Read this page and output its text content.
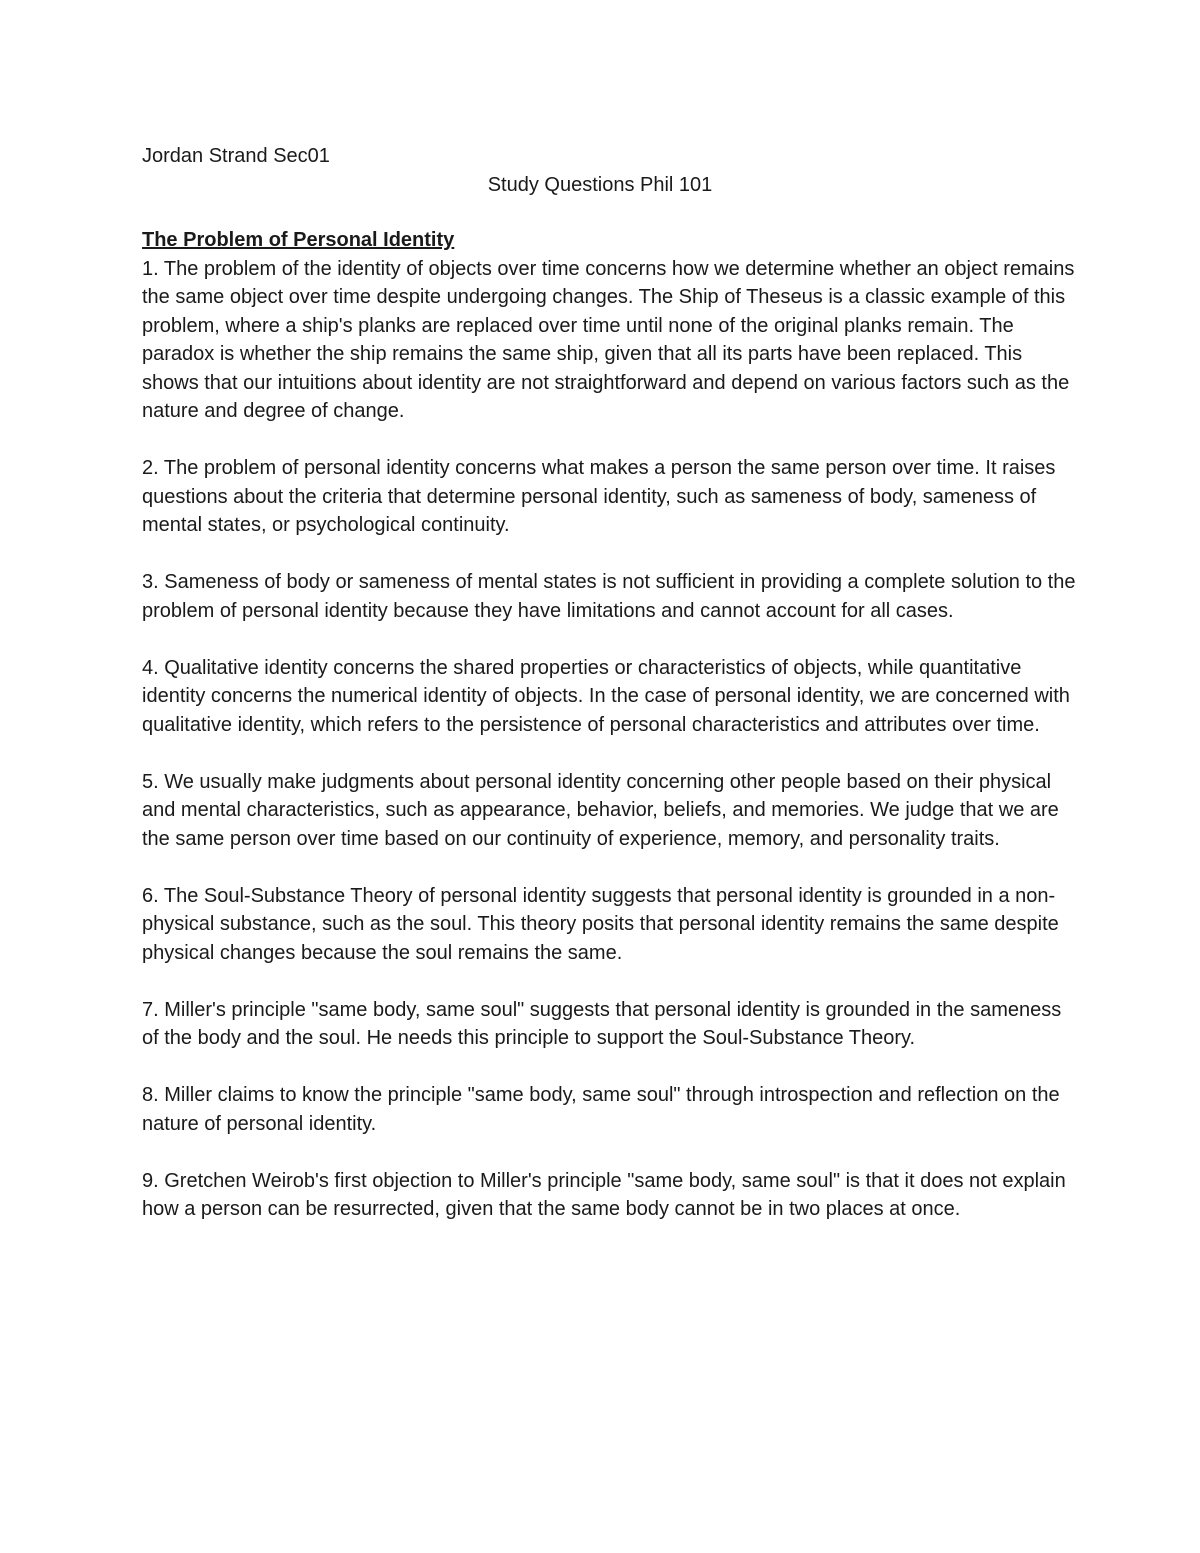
Jordan Strand Sec01
Study Questions Phil 101

The Problem of Personal Identity

1. The problem of the identity of objects over time concerns how we determine whether an object remains the same object over time despite undergoing changes. The Ship of Theseus is a classic example of this problem, where a ship's planks are replaced over time until none of the original planks remain. The paradox is whether the ship remains the same ship, given that all its parts have been replaced. This shows that our intuitions about identity are not straightforward and depend on various factors such as the nature and degree of change.

2. The problem of personal identity concerns what makes a person the same person over time. It raises questions about the criteria that determine personal identity, such as sameness of body, sameness of mental states, or psychological continuity.

3. Sameness of body or sameness of mental states is not sufficient in providing a complete solution to the problem of personal identity because they have limitations and cannot account for all cases.

4. Qualitative identity concerns the shared properties or characteristics of objects, while quantitative identity concerns the numerical identity of objects. In the case of personal identity, we are concerned with qualitative identity, which refers to the persistence of personal characteristics and attributes over time.

5. We usually make judgments about personal identity concerning other people based on their physical and mental characteristics, such as appearance, behavior, beliefs, and memories. We judge that we are the same person over time based on our continuity of experience, memory, and personality traits.

6. The Soul-Substance Theory of personal identity suggests that personal identity is grounded in a non-physical substance, such as the soul. This theory posits that personal identity remains the same despite physical changes because the soul remains the same.

7. Miller's principle "same body, same soul" suggests that personal identity is grounded in the sameness of the body and the soul. He needs this principle to support the Soul-Substance Theory.

8. Miller claims to know the principle "same body, same soul" through introspection and reflection on the nature of personal identity.

9. Gretchen Weirob's first objection to Miller's principle "same body, same soul" is that it does not explain how a person can be resurrected, given that the same body cannot be in two places at once.
